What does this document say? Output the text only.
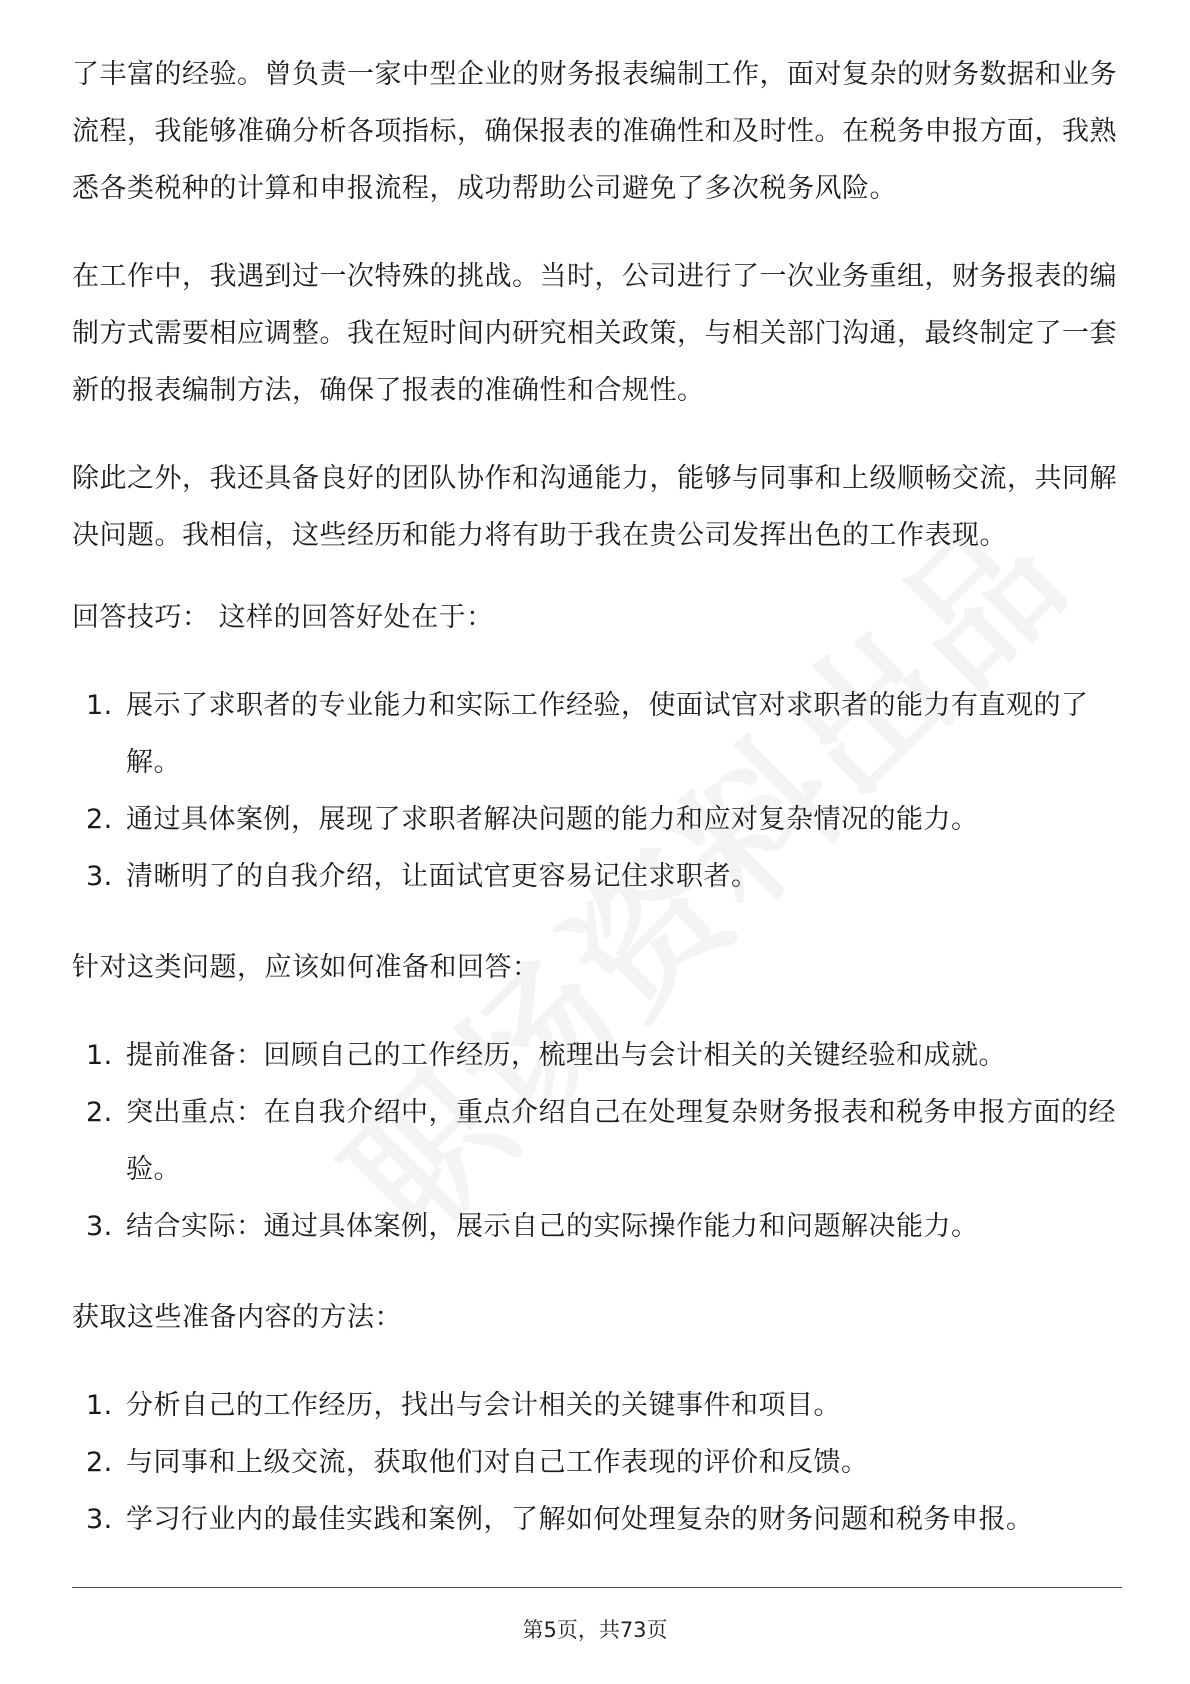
了丰富的经验。曾负责一家中型企业的财务报表编制工作，面对复杂的财务数据和业务流程，我能够准确分析各项指标，确保报表的准确性和及时性。在税务申报方面，我熟悉各类税种的计算和申报流程，成功帮助公司避免了多次税务风险。

在工作中，我遇到过一次特殊的挑战。当时，公司进行了一次业务重组，财务报表的编制方式需要相应调整。我在短时间内研究相关政策，与相关部门沟通，最终制定了一套新的报表编制方法，确保了报表的准确性和合规性。

除此之外，我还具备良好的团队协作和沟通能力，能够与同事和上级顺畅交流，共同解决问题。我相信，这些经历和能力将有助于我在贵公司发挥出色的工作表现。

回答技巧： 这样的回答好处在于：

1. 展示了求职者的专业能力和实际工作经验，使面试官对求职者的能力有直观的了解。
2. 通过具体案例，展现了求职者解决问题的能力和应对复杂情况的能力。
3. 清晰明了的自我介绍，让面试官更容易记住求职者。

针对这类问题，应该如何准备和回答：

1. 提前准备：回顾自己的工作经历，梳理出与会计相关的关键经验和成就。
2. 突出重点：在自我介绍中，重点介绍自己在处理复杂财务报表和税务申报方面的经验。
3. 结合实际：通过具体案例，展示自己的实际操作能力和问题解决能力。

获取这些准备内容的方法：

1. 分析自己的工作经历，找出与会计相关的关键事件和项目。
2. 与同事和上级交流，获取他们对自己工作表现的评价和反馈。
3. 学习行业内的最佳实践和案例，了解如何处理复杂的财务问题和税务申报。
第5页，共73页
